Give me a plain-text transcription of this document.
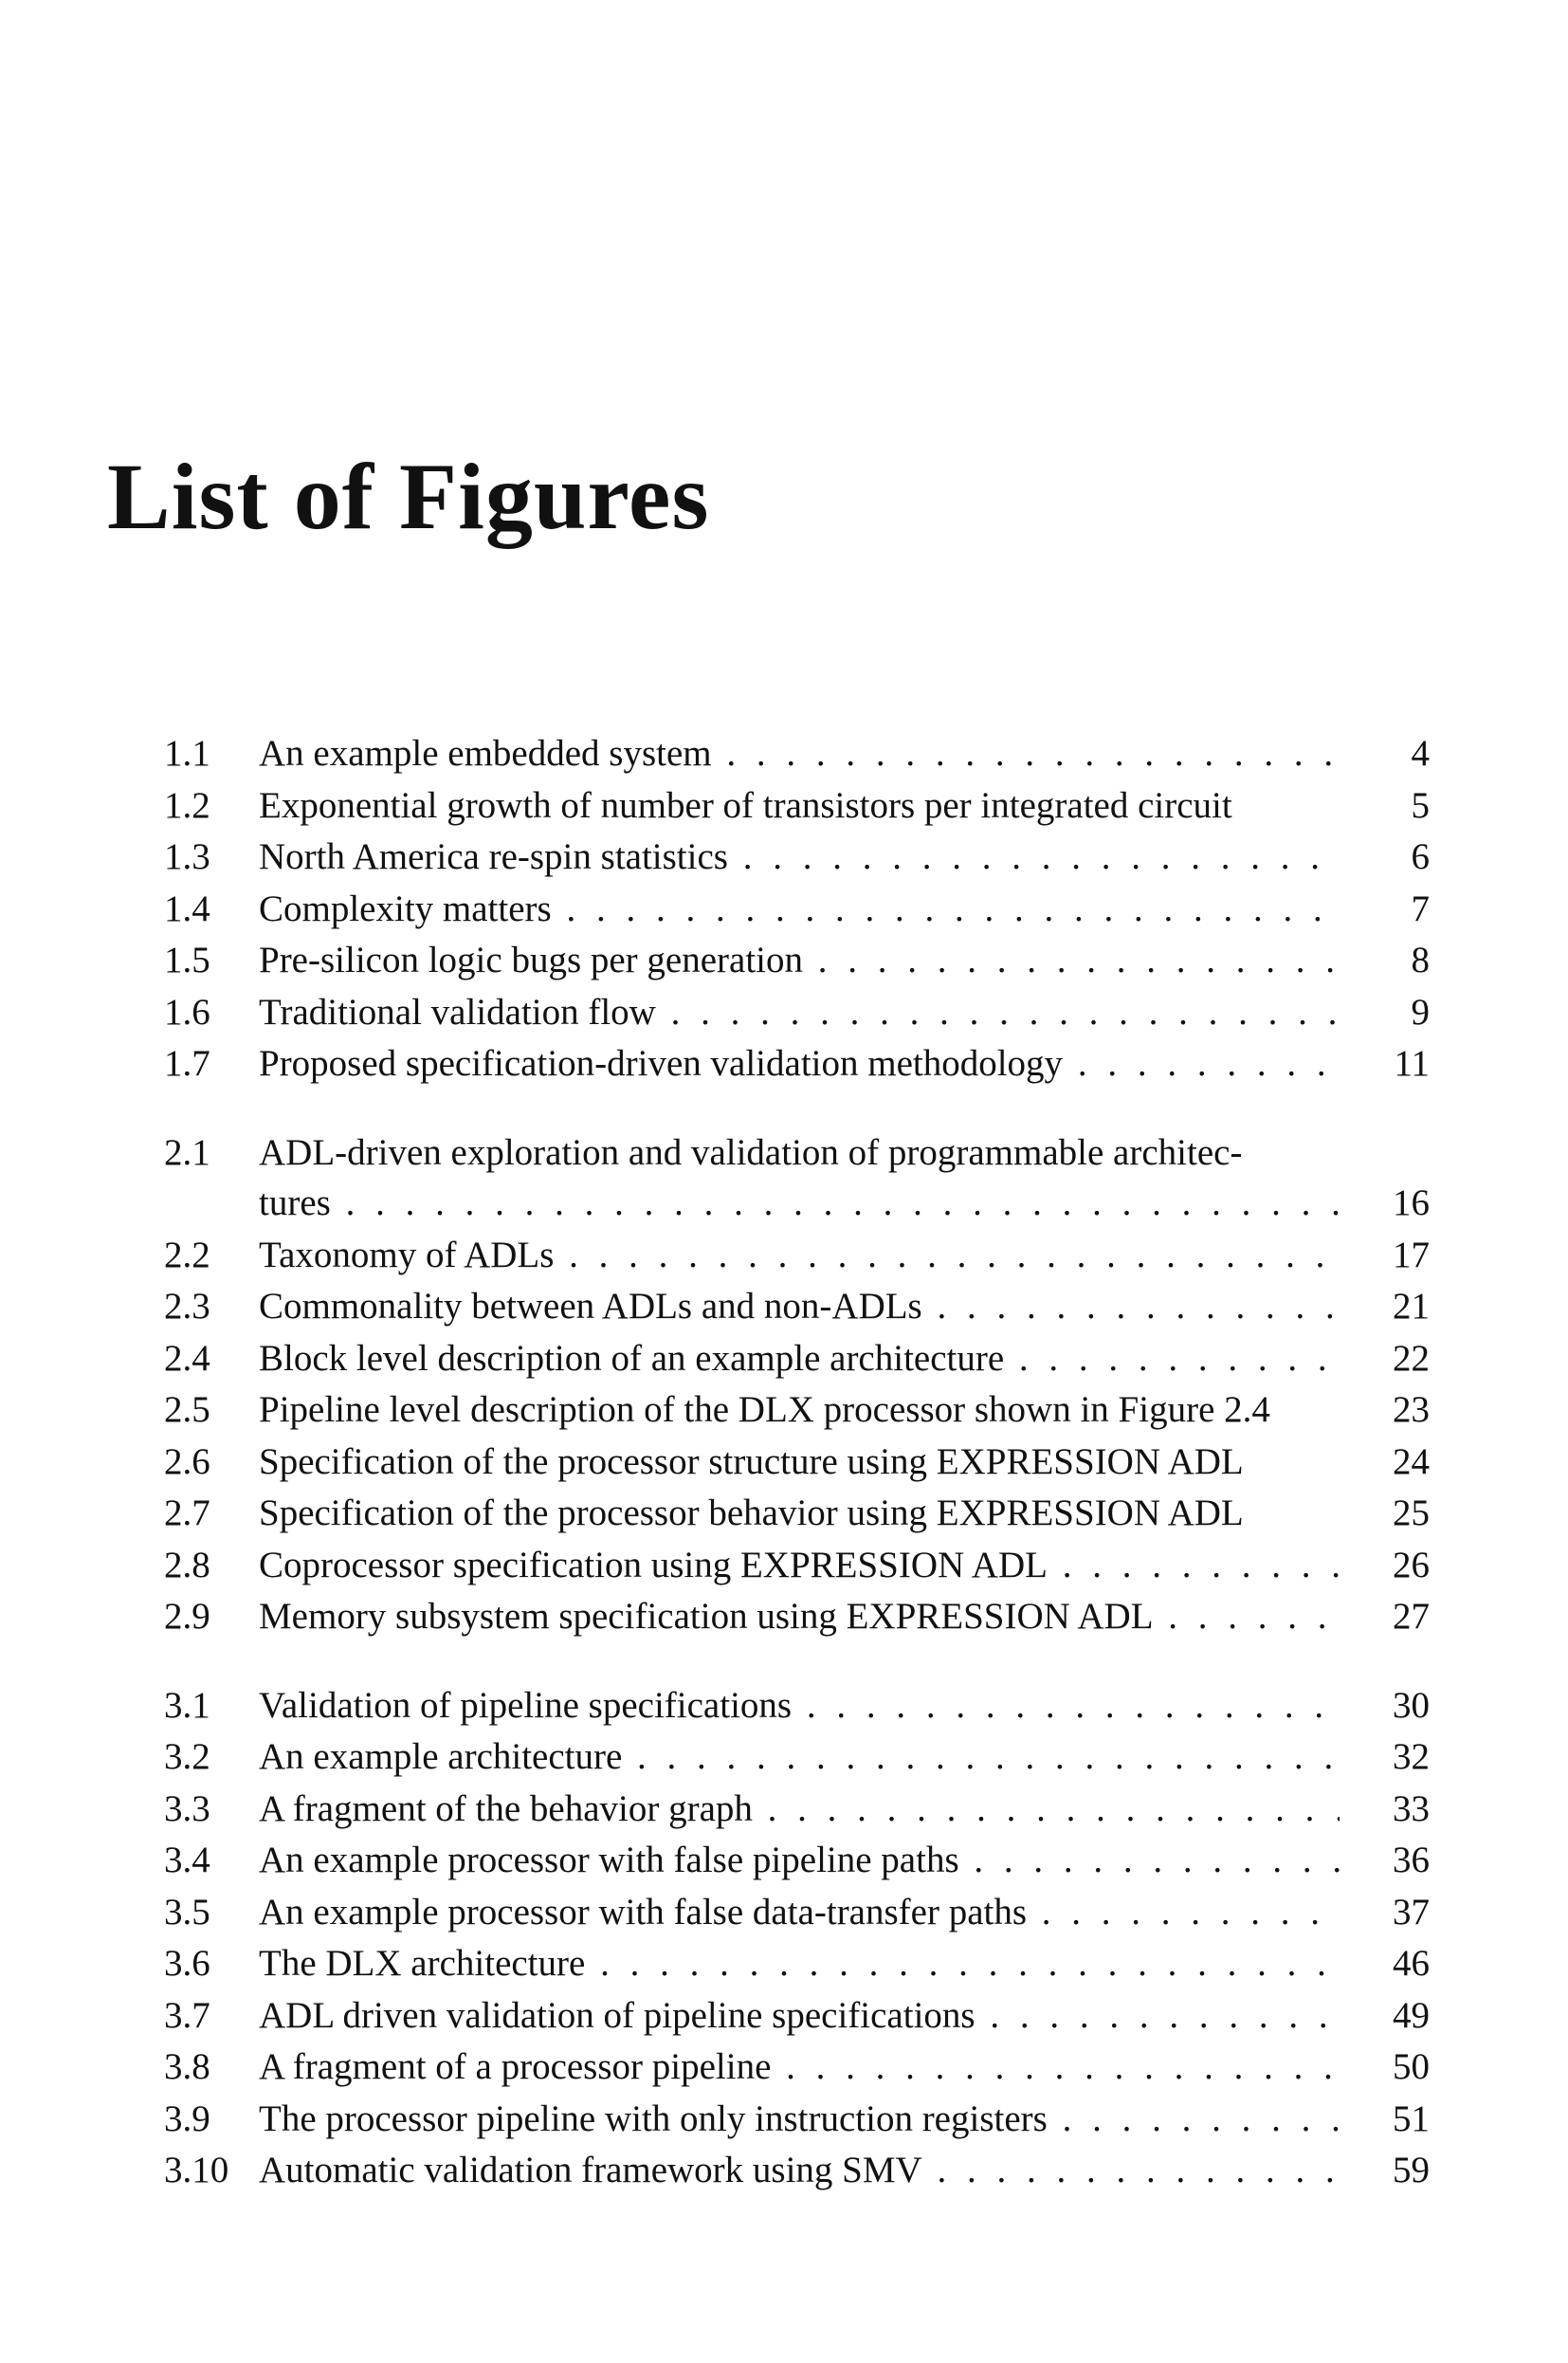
List of Figures
1.1 An example embedded system . . .	4
1.2 Exponential growth of number of transistors per integrated circuit	5
1.3 North America re-spin statistics . . .	6
1.4 Complexity matters . . .	7
1.5 Pre-silicon logic bugs per generation . . .	8
1.6 Traditional validation flow . . .	9
1.7 Proposed specification-driven validation methodology . . .	11
2.1 ADL-driven exploration and validation of programmable architec-
tures . . .	16
2.2 Taxonomy of ADLs . . .	17
2.3 Commonality between ADLs and non-ADLs . . .	21
2.4 Block level description of an example architecture . . .	22
2.5 Pipeline level description of the DLX processor shown in Figure 2.4	23
2.6 Specification of the processor structure using EXPRESSION ADL	24
2.7 Specification of the processor behavior using EXPRESSION ADL	25
2.8 Coprocessor specification using EXPRESSION ADL . . .	26
2.9 Memory subsystem specification using EXPRESSION ADL . . .	27
3.1 Validation of pipeline specifications . . .	30
3.2 An example architecture . . .	32
3.3 A fragment of the behavior graph . . .	33
3.4 An example processor with false pipeline paths . . .	36
3.5 An example processor with false data-transfer paths . . .	37
3.6 The DLX architecture . . .	46
3.7 ADL driven validation of pipeline specifications . . .	49
3.8 A fragment of a processor pipeline . . .	50
3.9 The processor pipeline with only instruction registers . . .	51
3.10 Automatic validation framework using SMV . . .	59
